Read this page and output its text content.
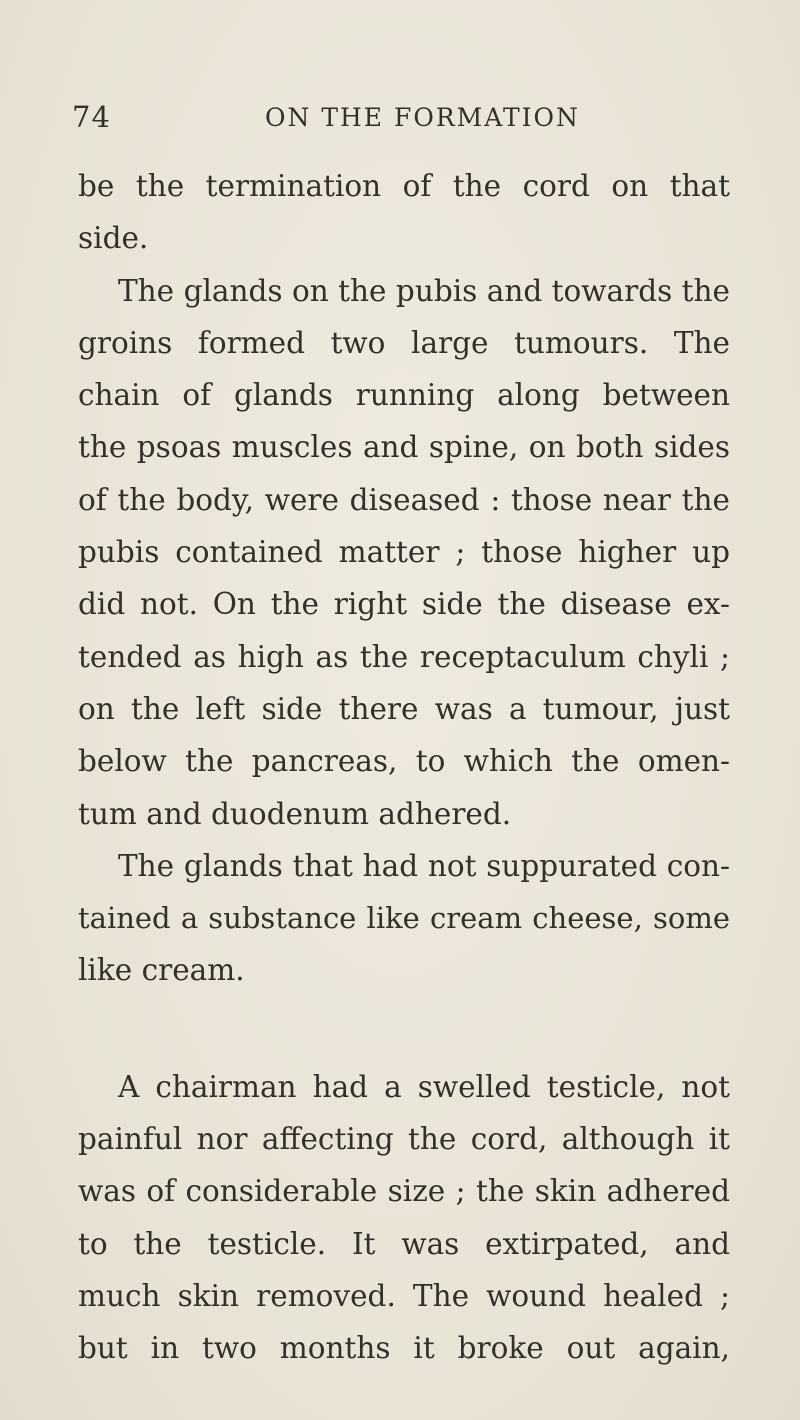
74	ON THE FORMATION
be the termination of the cord on that
side.
The glands on the pubis and towards the
groins formed two large tumours. The
chain of glands running along between
the psoas muscles and spine, on both sides
of the body, were diseased : those near the
pubis contained matter ; those higher up
did not. On the right side the disease ex-
tended as high as the receptaculum chyli ;
on the left side there was a tumour, just
below the pancreas, to which the omen-
tum and duodenum adhered.
The glands that had not suppurated con-
tained a substance like cream cheese, some
like cream.
A chairman had a swelled testicle, not
painful nor affecting the cord, although it
was of considerable size ; the skin adhered
to the testicle. It was extirpated, and
much skin removed. The wound healed ;
but in two months it broke out again,
